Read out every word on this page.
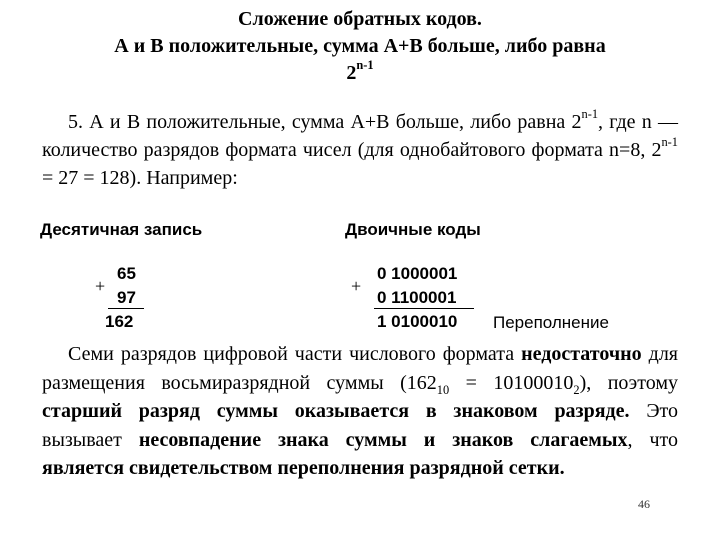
Сложение обратных кодов.
А и В положительные, сумма А+В больше, либо равна
2$^{n-1}$
5. А и В положительные, сумма А+В больше, либо равна 2$^{n-1}$, где n — количество разрядов формата чисел (для однобайтового формата n=8, $2^{n-1} = 27 = 128$). Например:
Десятичная запись	Двоичные коды
+
65
97
162
+
0 1000001
0 1100001
1 0100010 Переполнение
Семи разрядов цифровой части числового формата недостаточно для размещения восьмиразрядной суммы $(162_{10} = 10100010_2)$, поэтому старший разряд суммы оказывается в знаковом разряде. Это вызывает несовпадение знака суммы и знаков слагаемых, что является свидетельством переполнения разрядной сетки.
46
